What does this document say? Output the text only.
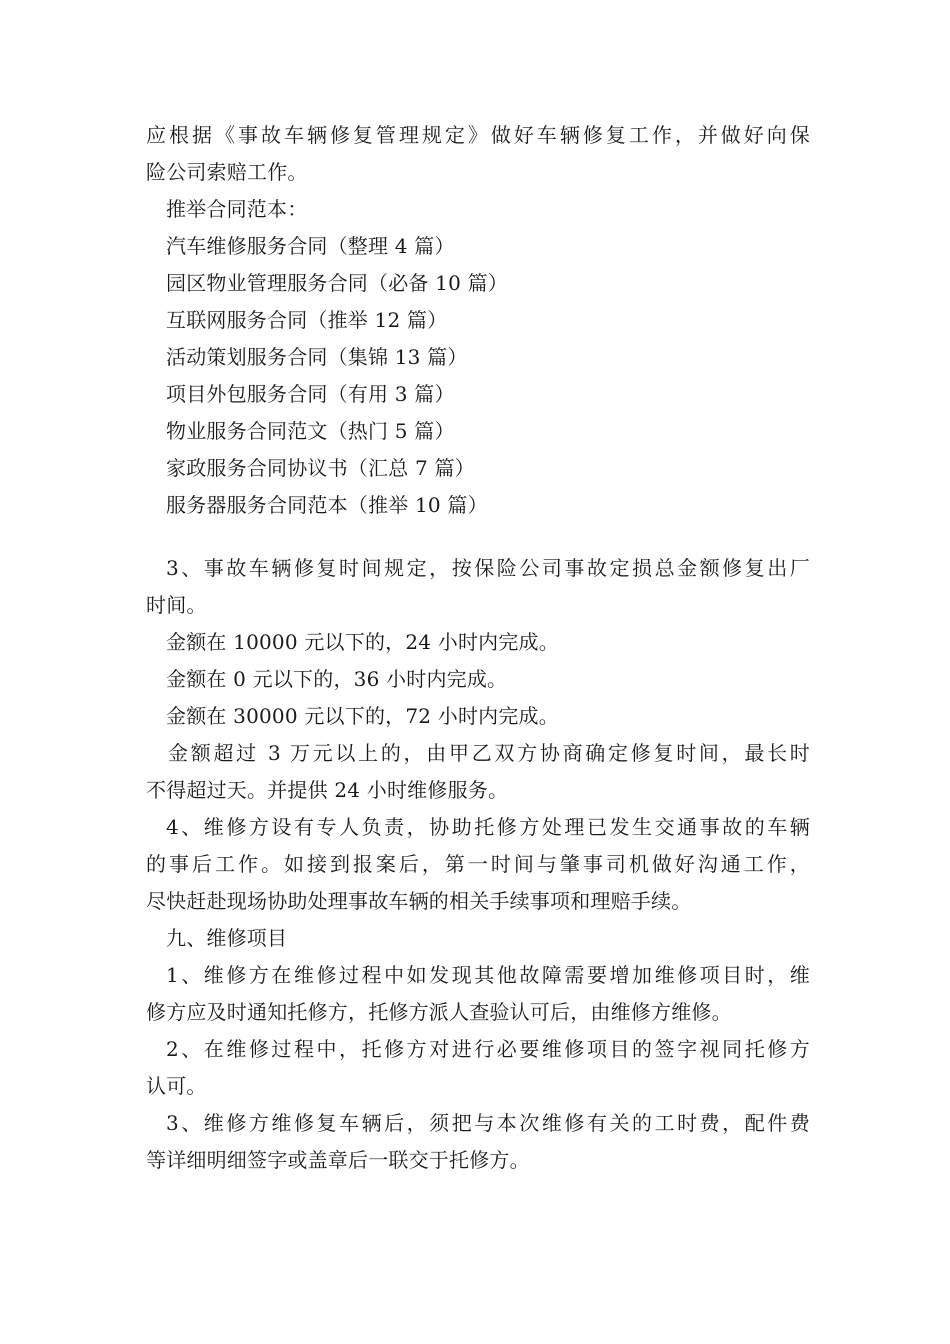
应根据《事故车辆修复管理规定》做好车辆修复工作，并做好向保
险公司索赔工作。
推举合同范本：
汽车维修服务合同（整理 4 篇）
园区物业管理服务合同（必备 10 篇）
互联网服务合同（推举 12 篇）
活动策划服务合同（集锦 13 篇）
项目外包服务合同（有用 3 篇）
物业服务合同范文（热门 5 篇）
家政服务合同协议书（汇总 7 篇）
服务器服务合同范本（推举 10 篇）
3、事故车辆修复时间规定，按保险公司事故定损总金额修复出厂
时间。
金额在 10000 元以下的，24 小时内完成。
金额在 0 元以下的，36 小时内完成。
金额在 30000 元以下的，72 小时内完成。
金额超过 3 万元以上的，由甲乙双方协商确定修复时间，最长时
不得超过天。并提供 24 小时维修服务。
4、维修方设有专人负责，协助托修方处理已发生交通事故的车辆
的事后工作。如接到报案后，第一时间与肇事司机做好沟通工作，
尽快赶赴现场协助处理事故车辆的相关手续事项和理赔手续。
九、维修项目
1、维修方在维修过程中如发现其他故障需要增加维修项目时，维
修方应及时通知托修方，托修方派人查验认可后，由维修方维修。
2、在维修过程中，托修方对进行必要维修项目的签字视同托修方
认可。
3、维修方维修复车辆后，须把与本次维修有关的工时费，配件费
等详细明细签字或盖章后一联交于托修方。
